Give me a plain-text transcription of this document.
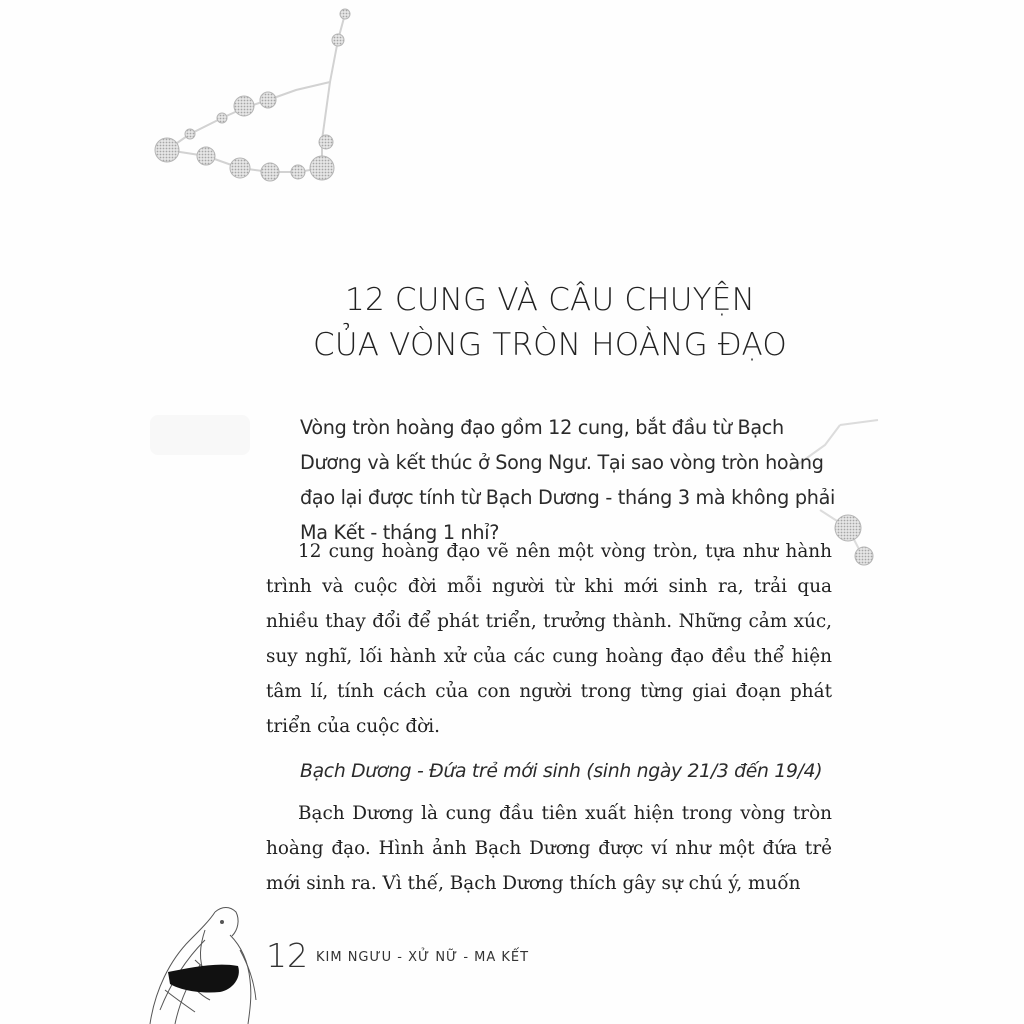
12 CUNG VÀ CÂU CHUYỆN
CỦA VÒNG TRÒN HOÀNG ĐẠO
Vòng tròn hoàng đạo gồm 12 cung, bắt đầu từ Bạch Dương và kết thúc ở Song Ngư. Tại sao vòng tròn hoàng đạo lại được tính từ Bạch Dương - tháng 3 mà không phải Ma Kết - tháng 1 nhỉ?

12 cung hoàng đạo vẽ nên một vòng tròn, tựa như hành trình và cuộc đời mỗi người từ khi mới sinh ra, trải qua nhiều thay đổi để phát triển, trưởng thành. Những cảm xúc, suy nghĩ, lối hành xử của các cung hoàng đạo đều thể hiện tâm lí, tính cách của con người trong từng giai đoạn phát triển của cuộc đời.

Bạch Dương - Đứa trẻ mới sinh (sinh ngày 21/3 đến 19/4)

Bạch Dương là cung đầu tiên xuất hiện trong vòng tròn hoàng đạo. Hình ảnh Bạch Dương được ví như một đứa trẻ mới sinh ra. Vì thế, Bạch Dương thích gây sự chú ý, muốn

12 KIM NGƯU - XỬ NỮ - MA KẾT
